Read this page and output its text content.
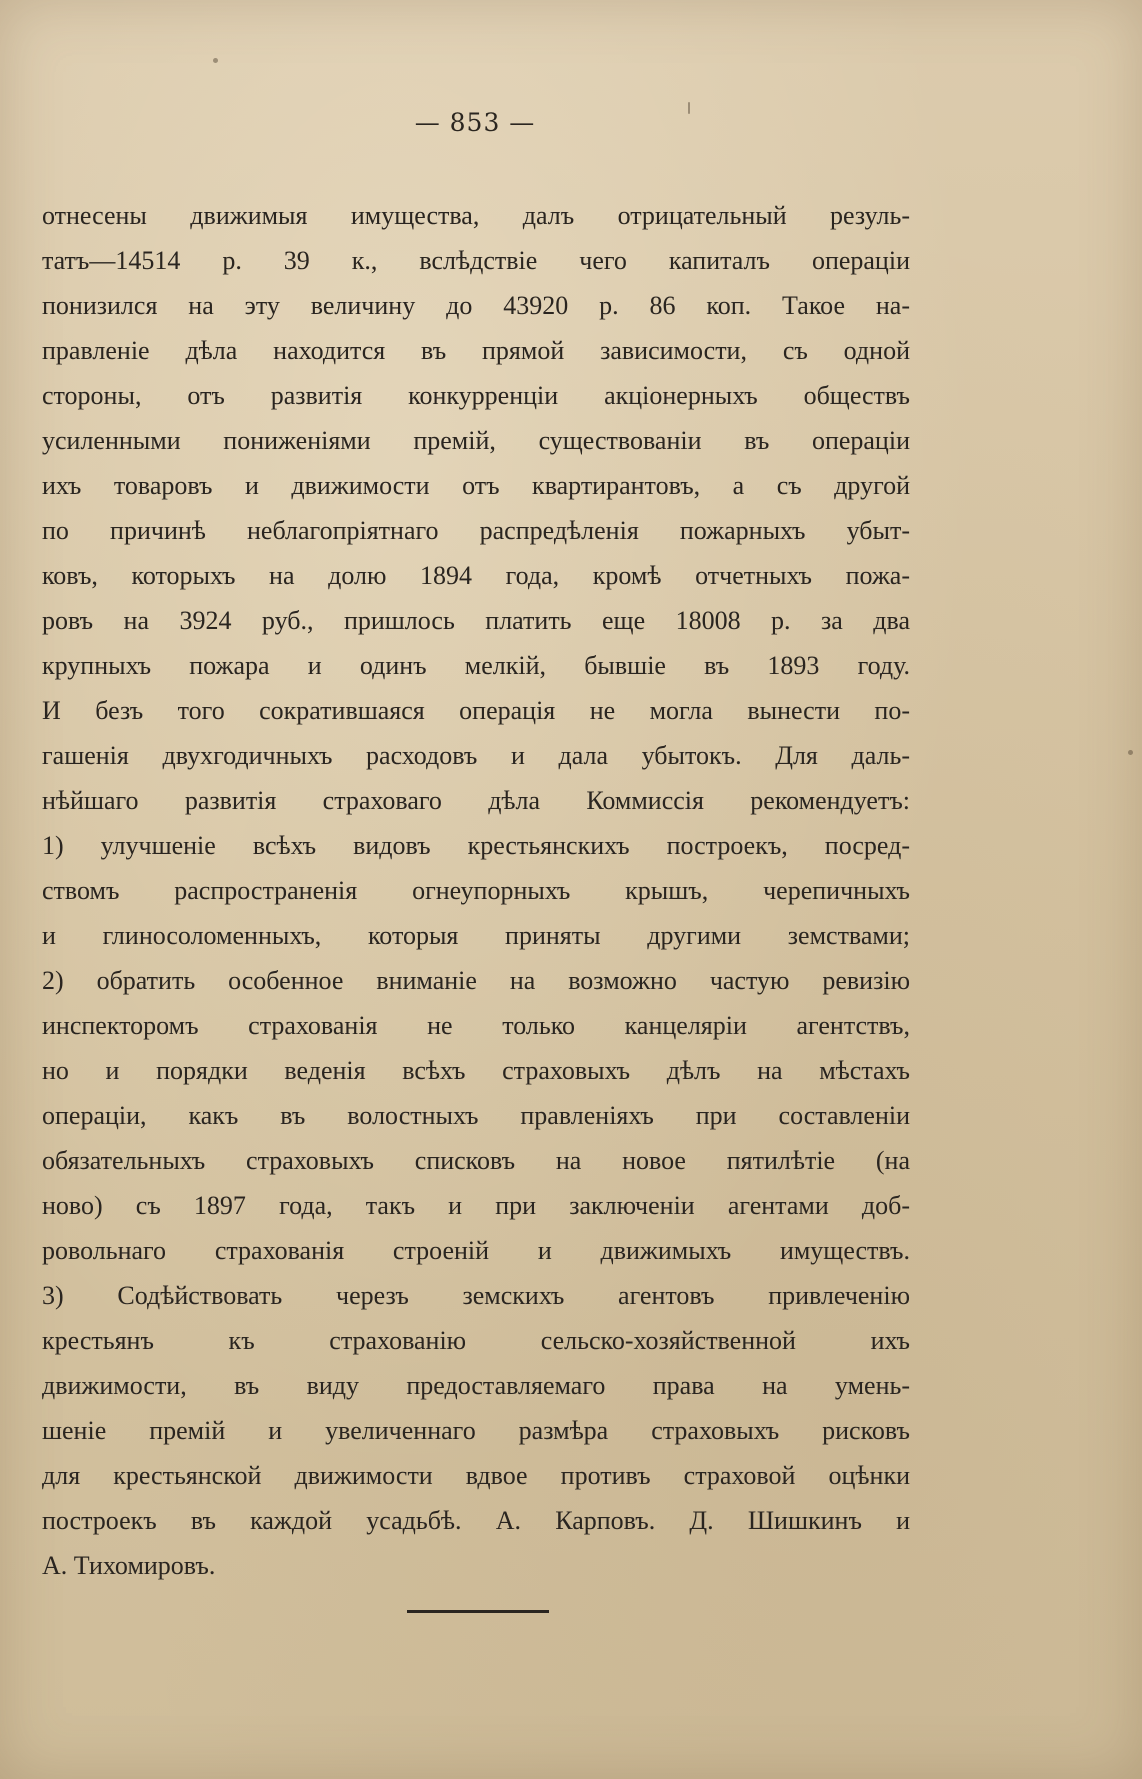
— 853 —
отнесены движимыя имущества, далъ отрицательный резуль-
татъ—14514 р. 39 к., вслѣдствіе чего капиталъ операціи
понизился на эту величину до 43920 р. 86 коп. Такое на-
правленіе дѣла находится въ прямой зависимости, съ одной
стороны, отъ развитія конкурренціи акціонерныхъ обществъ
усиленными пониженіями премій, существованіи въ операціи
ихъ товаровъ и движимости отъ квартирантовъ, а съ другой
по причинѣ неблагопріятнаго распредѣленія пожарныхъ убыт-
ковъ, которыхъ на долю 1894 года, кромѣ отчетныхъ пожа-
ровъ на 3924 руб., пришлось платить еще 18008 р. за два
крупныхъ пожара и одинъ мелкій, бывшіе въ 1893 году.
И безъ того сократившаяся операція не могла вынести по-
гашенія двухгодичныхъ расходовъ и дала убытокъ. Для даль-
нѣйшаго развитія страховаго дѣла Коммиссія рекомендуетъ:
1) улучшеніе всѣхъ видовъ крестьянскихъ построекъ, посред-
ствомъ распространенія огнеупорныхъ крышъ, черепичныхъ
и глиносоломенныхъ, которыя приняты другими земствами;
2) обратить особенное вниманіе на возможно частую ревизію
инспекторомъ страхованія не только канцеляріи агентствъ,
но и порядки веденія всѣхъ страховыхъ дѣлъ на мѣстахъ
операціи, какъ въ волостныхъ правленіяхъ при составленіи
обязательныхъ страховыхъ списковъ на новое пятилѣтіе (на
ново) съ 1897 года, такъ и при заключеніи агентами доб-
ровольнаго страхованія строеній и движимыхъ имуществъ.
3) Содѣйствовать черезъ земскихъ агентовъ привлеченію
крестьянъ къ страхованію сельско-хозяйственной ихъ
движимости, въ виду предоставляемаго права на умень-
шеніе премій и увеличеннаго размѣра страховыхъ рисковъ
для крестьянской движимости вдвое противъ страховой оцѣнки
построекъ въ каждой усадьбѣ. А. Карповъ. Д. Шишкинъ и
А. Тихомировъ.
